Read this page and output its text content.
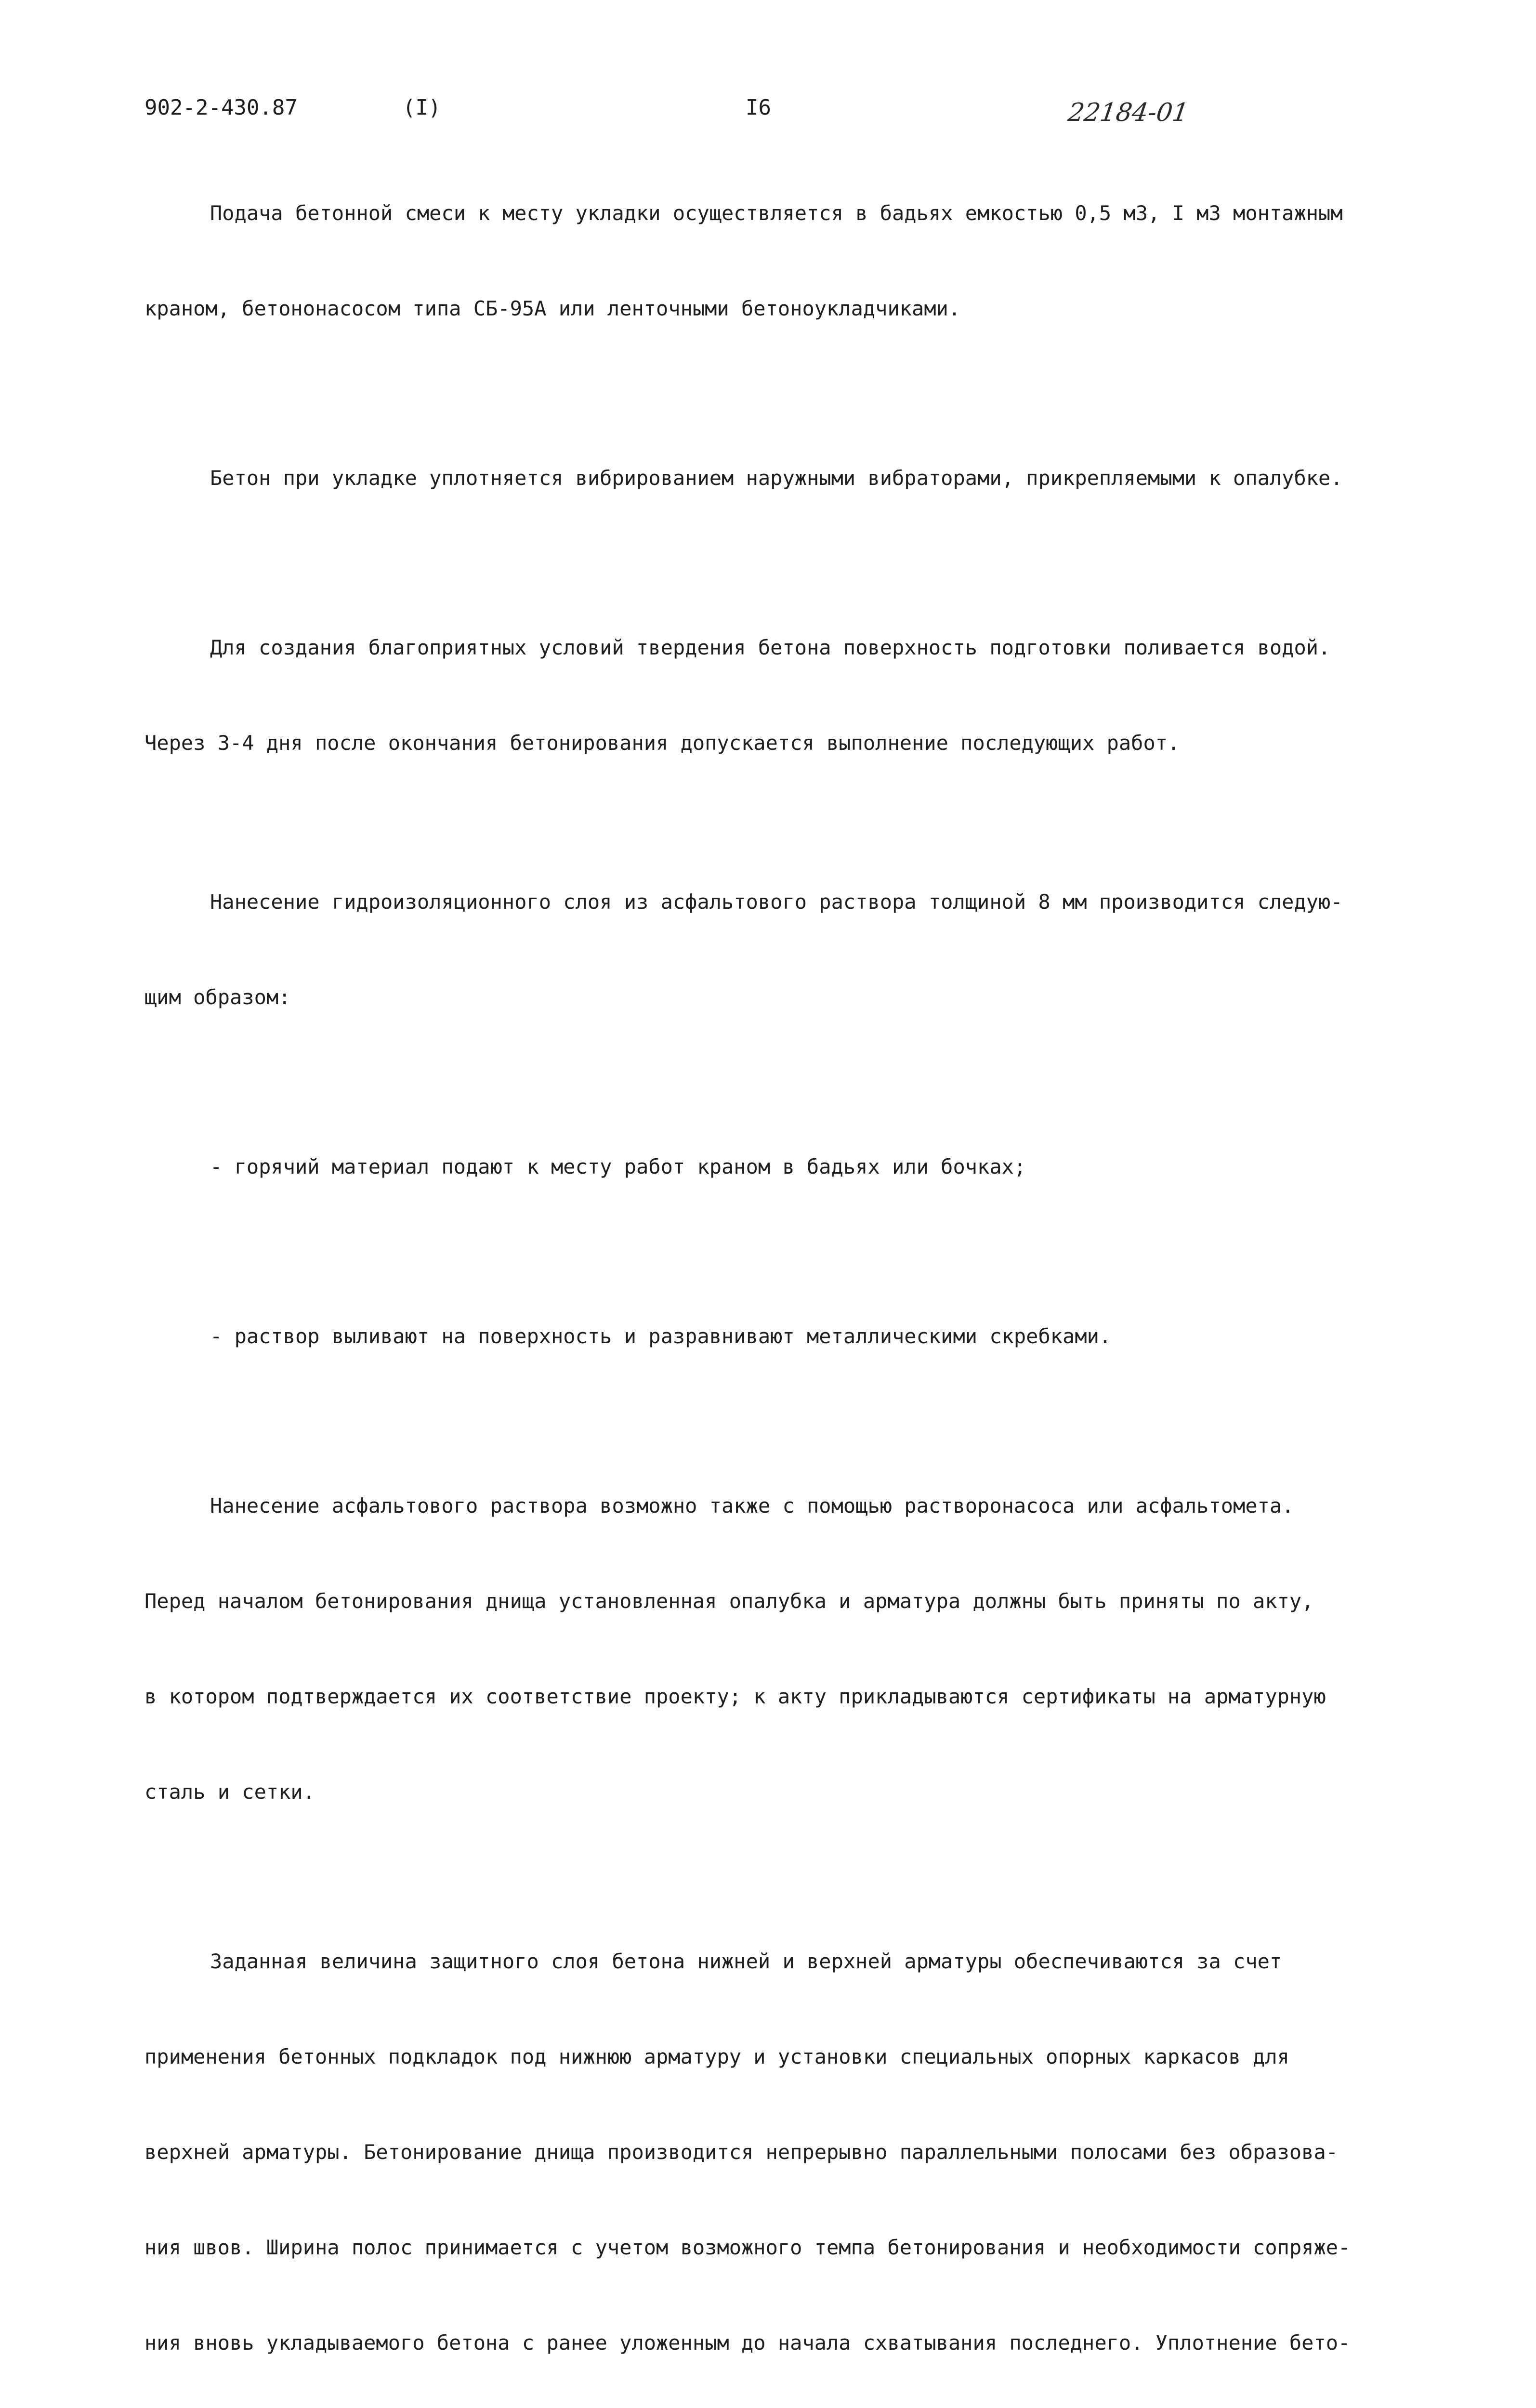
902-2-430.87	(I)	I6	22184-01

Подача бетонной смеси к месту укладки осуществляется в бадьях емкостью 0,5 м3, I м3 монтажным

краном, бетононасосом типа СБ-95А или ленточными бетоноукладчиками.

Бетон при укладке уплотняется вибрированием наружными вибраторами, прикрепляемыми к опалубке.

Для создания благоприятных условий твердения бетона поверхность подготовки поливается водой.

Через 3-4 дня после окончания бетонирования допускается выполнение последующих работ.

Нанесение гидроизоляционного слоя из асфальтового раствора толщиной 8 мм производится следую-

щим образом:

- горячий материал подают к месту работ краном в бадьях или бочках;

- раствор выливают на поверхность и разравнивают металлическими скребками.

Нанесение асфальтового раствора возможно также с помощью растворонасоса или асфальтомета.

Перед началом бетонирования днища установленная опалубка и арматура должны быть приняты по акту,

в котором подтверждается их соответствие проекту; к акту прикладываются сертификаты на арматурную

сталь и сетки.

Заданная величина защитного слоя бетона нижней и верхней арматуры обеспечиваются за счет

применения бетонных подкладок под нижнюю арматуру и установки специальных опорных каркасов для

верхней арматуры. Бетонирование днища производится непрерывно параллельными полосами без образова-

ния швов. Ширина полос принимается с учетом возможного темпа бетонирования и необходимости сопряже-

ния вновь укладываемого бетона с ранее уложенным до начала схватывания последнего. Уплотнение бето-
